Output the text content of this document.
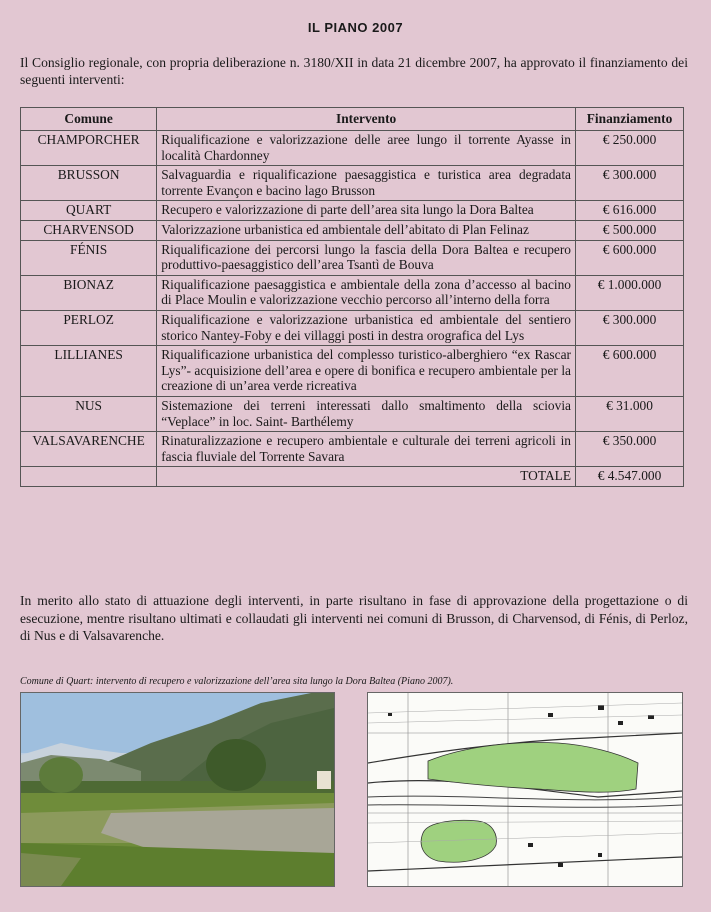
IL PIANO 2007

Il Consiglio regionale, con propria deliberazione n. 3180/XII in data 21 dicembre 2007, ha approvato il finanziamento dei seguenti interventi:

Comune	Intervento	Finanziamento
CHAMPORCHER	Riqualificazione e valorizzazione delle aree lungo il torrente Ayasse in località Chardonney	€ 250.000
BRUSSON	Salvaguardia e riqualificazione paesaggistica e turistica area degradata torrente Evançon e bacino lago Brusson	€ 300.000
QUART	Recupero e valorizzazione di parte dell’area sita lungo la Dora Baltea	€ 616.000
CHARVENSOD	Valorizzazione urbanistica ed ambientale dell’abitato di Plan Felinaz	€ 500.000
FÉNIS	Riqualificazione dei percorsi lungo la fascia della Dora Baltea e recupero produttivo-paesaggistico dell’area Tsantì de Bouva	€ 600.000
BIONAZ	Riqualificazione paesaggistica e ambientale della zona d’accesso al bacino di Place Moulin e valorizzazione vecchio percorso all’interno della forra	€ 1.000.000
PERLOZ	Riqualificazione e valorizzazione urbanistica ed ambientale del sentiero storico Nantey-Foby e dei villaggi posti in destra orografica del Lys	€ 300.000
LILLIANES	Riqualificazione urbanistica del complesso turistico-alberghiero “ex Rascar Lys”- acquisizione dell’area e opere di bonifica e recupero ambientale per la creazione di un’area verde ricreativa	€ 600.000
NUS	Sistemazione dei terreni interessati dallo smaltimento della sciovia “Veplace” in loc. Saint- Barthélemy	€ 31.000
VALSAVARENCHE	Rinaturalizzazione e recupero ambientale e culturale dei terreni agricoli in fascia fluviale del Torrente Savara	€ 350.000
	TOTALE	€ 4.547.000

In merito allo stato di attuazione degli interventi, in parte risultano in fase di approvazione della progettazione o di esecuzione, mentre risultano ultimati e collaudati gli interventi nei comuni di Brusson, di Charvensod, di Fénis, di Perloz, di Nus e di Valsavarenche.

Comune di Quart: intervento di recupero e valorizzazione dell’area sita lungo la Dora Baltea (Piano 2007).
